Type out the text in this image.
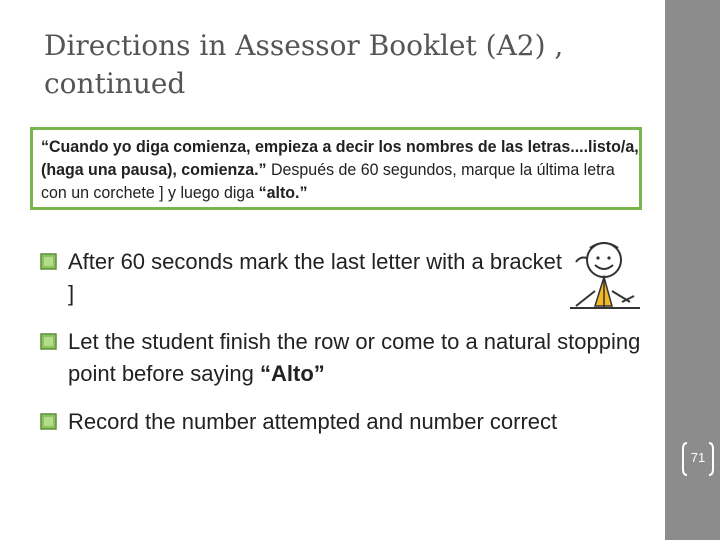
Directions in Assessor Booklet (A2) ,
continued
“Cuando yo diga comienza, empieza a decir los nombres de las letras....listo/a, (haga una pausa), comienza.” Después de 60 segundos, marque la última letra con un corchete ] y luego diga “alto.”
After 60 seconds mark the last letter with a bracket ]
Let the student finish the row or come to a natural stopping point before saying “Alto”
Record the number attempted and number correct
71
